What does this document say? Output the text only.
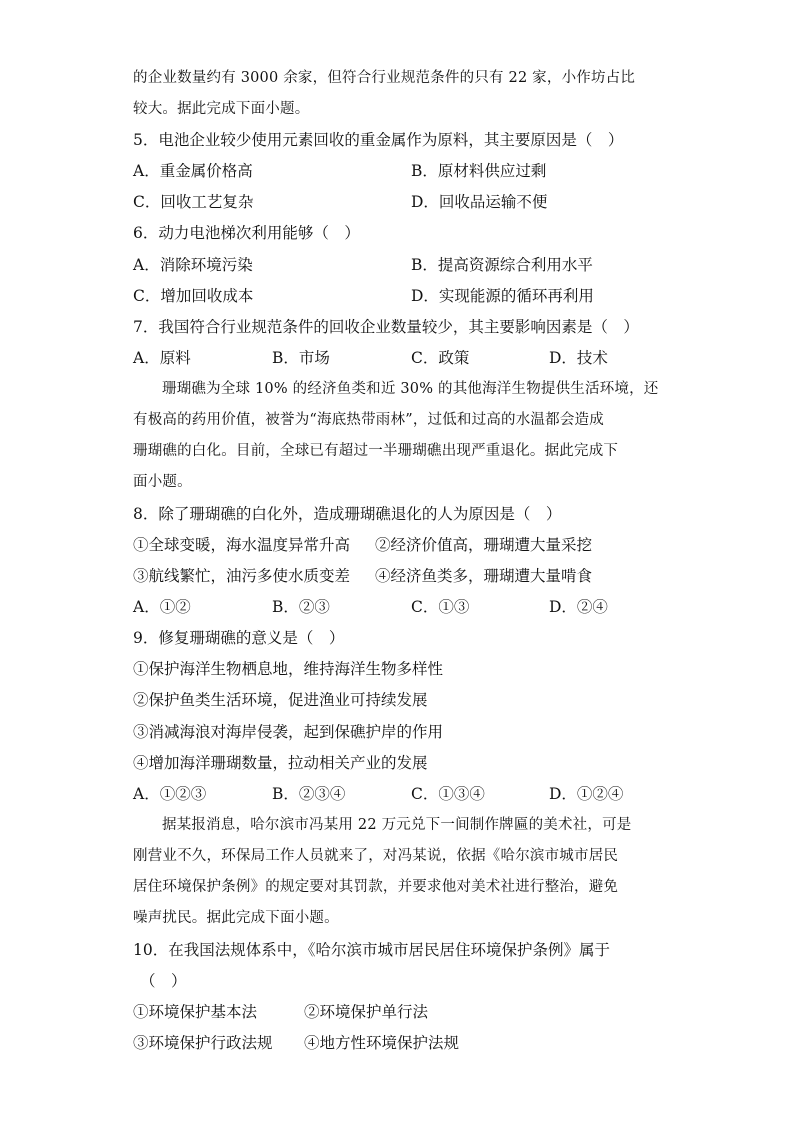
的企业数量约有 3000 余家，但符合行业规范条件的只有 22 家，小作坊占比
较大。据此完成下面小题。
5．电池企业较少使用元素回收的重金属作为原料，其主要原因是（　）
A．重金属价格高	B．原材料供应过剩
C．回收工艺复杂	D．回收品运输不便
6．动力电池梯次利用能够（　）
A．消除环境污染	B．提高资源综合利用水平
C．增加回收成本	D．实现能源的循环再利用
7．我国符合行业规范条件的回收企业数量较少，其主要影响因素是（　）
A．原料	B．市场	C．政策	D．技术
珊瑚礁为全球 10% 的经济鱼类和近 30% 的其他海洋生物提供生活环境，还
有极高的药用价值，被誉为“海底热带雨林”，过低和过高的水温都会造成
珊瑚礁的白化。目前，全球已有超过一半珊瑚礁出现严重退化。据此完成下
面小题。
8．除了珊瑚礁的白化外，造成珊瑚礁退化的人为原因是（　）
①全球变暖，海水温度异常升高 ②经济价值高，珊瑚遭大量采挖
③航线繁忙，油污多使水质变差 ④经济鱼类多，珊瑚遭大量啃食
A．①②	B．②③	C．①③	D．②④
9．修复珊瑚礁的意义是（　）
①保护海洋生物栖息地，维持海洋生物多样性
②保护鱼类生活环境，促进渔业可持续发展
③消减海浪对海岸侵袭，起到保礁护岸的作用
④增加海洋珊瑚数量，拉动相关产业的发展
A．①②③	B．②③④	C．①③④	D．①②④
据某报消息，哈尔滨市冯某用 22 万元兑下一间制作牌匾的美术社，可是
刚营业不久，环保局工作人员就来了，对冯某说，依据《哈尔滨市城市居民
居住环境保护条例》的规定要对其罚款，并要求他对美术社进行整治，避免
噪声扰民。据此完成下面小题。
10．在我国法规体系中，《哈尔滨市城市居民居住环境保护条例》属于
（　）
①环境保护基本法	②环境保护单行法
③环境保护行政法规 ④地方性环境保护法规
